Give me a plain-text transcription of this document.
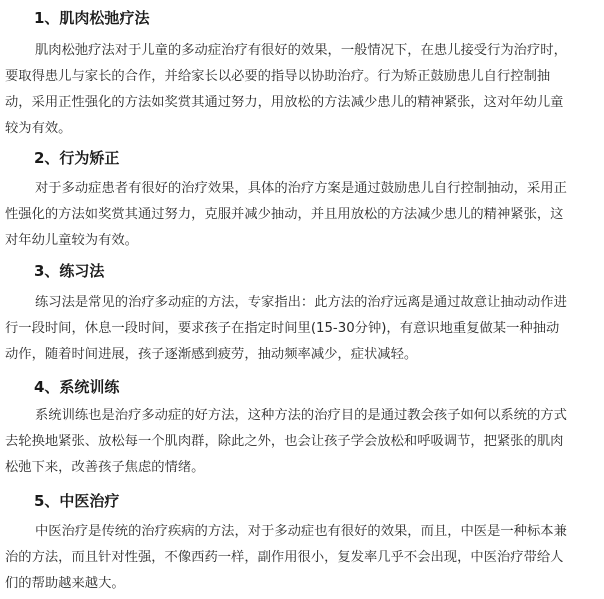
1、肌肉松弛疗法
肌肉松弛疗法对于儿童的多动症治疗有很好的效果，一般情况下，在患儿接受行为治疗时，
要取得患儿与家长的合作，并给家长以必要的指导以协助治疗。行为矫正鼓励患儿自行控制抽
动，采用正性强化的方法如奖赏其通过努力，用放松的方法减少患儿的精神紧张，这对年幼儿童
较为有效。
2、行为矫正
对于多动症患者有很好的治疗效果，具体的治疗方案是通过鼓励患儿自行控制抽动，采用正
性强化的方法如奖赏其通过努力，克服并减少抽动，并且用放松的方法减少患儿的精神紧张，这
对年幼儿童较为有效。
3、练习法
练习法是常见的治疗多动症的方法，专家指出：此方法的治疗远离是通过故意让抽动动作进
行一段时间，休息一段时间，要求孩子在指定时间里(15-30分钟)，有意识地重复做某一种抽动
动作，随着时间进展，孩子逐渐感到疲劳，抽动频率减少，症状减轻。
4、系统训练
系统训练也是治疗多动症的好方法，这种方法的治疗目的是通过教会孩子如何以系统的方式
去轮换地紧张、放松每一个肌肉群，除此之外，也会让孩子学会放松和呼吸调节，把紧张的肌肉
松弛下来，改善孩子焦虑的情绪。
5、中医治疗
中医治疗是传统的治疗疾病的方法，对于多动症也有很好的效果，而且，中医是一种标本兼
治的方法，而且针对性强，不像西药一样，副作用很小，复发率几乎不会出现，中医治疗带给人
们的帮助越来越大。
